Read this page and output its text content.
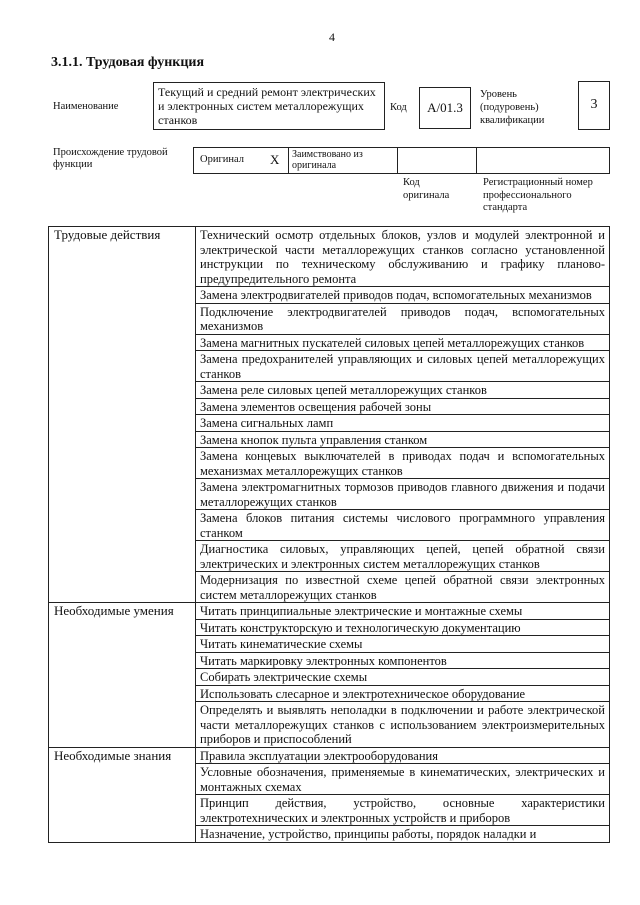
4
3.1.1. Трудовая функция
Наименование
Текущий и средний ремонт электрических и электронных систем металлорежущих станков
Код	A/01.3
Уровень (подуровень) квалификации
3
Происхождение трудовой функции	Оригинал X	Заимствовано из оригинала
Код оригинала
Регистрационный номер профессионального стандарта
Трудовые действия	Технический осмотр отдельных блоков, узлов и модулей электронной и электрической части металлорежущих станков согласно установленной инструкции по техническому обслуживанию и графику планово-предупредительного ремонта
	Замена электродвигателей приводов подач, вспомогательных механизмов
	Подключение электродвигателей приводов подач, вспомогательных механизмов
	Замена магнитных пускателей силовых цепей металлорежущих станков
	Замена предохранителей управляющих и силовых цепей металлорежущих станков
	Замена реле силовых цепей металлорежущих станков
	Замена элементов освещения рабочей зоны
	Замена сигнальных ламп
	Замена кнопок пульта управления станком
	Замена концевых выключателей в приводах подач и вспомогательных механизмах металлорежущих станков
	Замена электромагнитных тормозов приводов главного движения и подачи металлорежущих станков
	Замена блоков питания системы числового программного управления станком
	Диагностика силовых, управляющих цепей, цепей обратной связи электрических и электронных систем металлорежущих станков
	Модернизация по известной схеме цепей обратной связи электронных систем металлорежущих станков
Необходимые умения	Читать принципиальные электрические и монтажные схемы
	Читать конструкторскую и технологическую документацию
	Читать кинематические схемы
	Читать маркировку электронных компонентов
	Собирать электрические схемы
	Использовать слесарное и электротехническое оборудование
	Определять и выявлять неполадки в подключении и работе электрической части металлорежущих станков с использованием электроизмерительных приборов и приспособлений
Необходимые знания	Правила эксплуатации электрооборудования
	Условные обозначения, применяемые в кинематических, электрических и монтажных схемах
	Принцип действия, устройство, основные характеристики электротехнических и электронных устройств и приборов
	Назначение, устройство, принципы работы, порядок наладки и
